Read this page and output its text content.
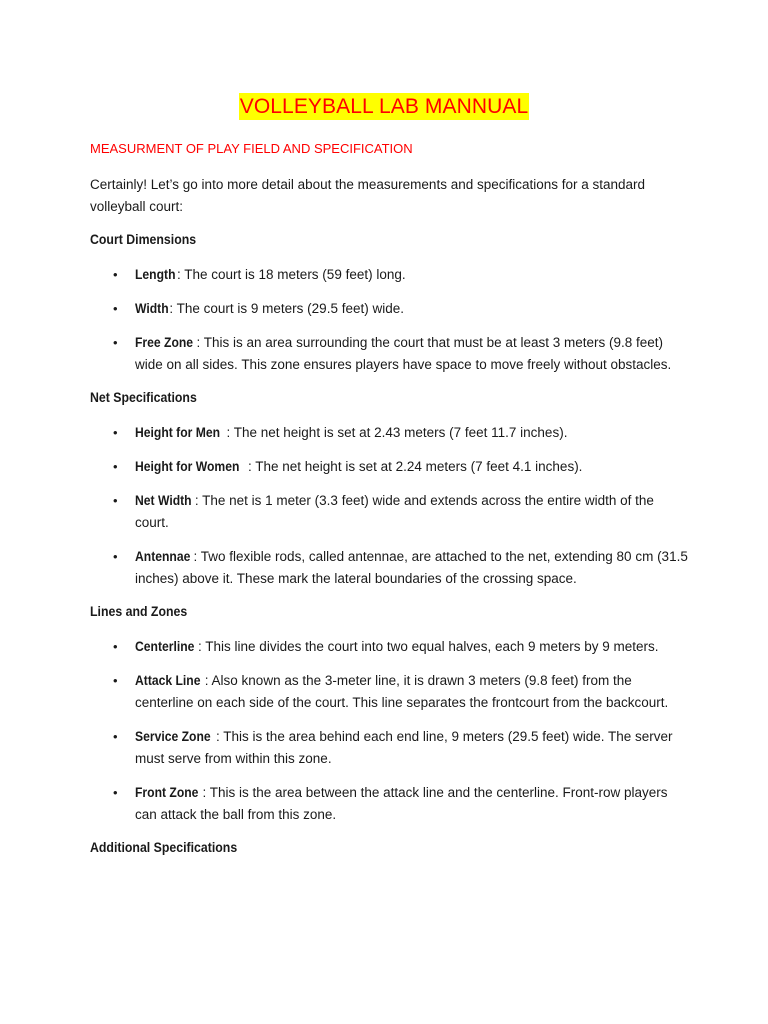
VOLLEYBALL LAB MANNUAL
MEASURMENT OF PLAY FIELD AND SPECIFICATION
Certainly! Let’s go into more detail about the measurements and specifications for a standard volleyball court:
Court Dimensions
• Length : The court is 18 meters (59 feet) long.
• Width: The court is 9 meters (29.5 feet) wide.
• Free Zone : This is an area surrounding the court that must be at least 3 meters (9.8 feet) wide on all sides. This zone ensures players have space to move freely without obstacles.
Net Specifications
• Height for Men : The net height is set at 2.43 meters (7 feet 11.7 inches).
• Height for Women : The net height is set at 2.24 meters (7 feet 4.1 inches).
• Net Width : The net is 1 meter (3.3 feet) wide and extends across the entire width of the court.
• Antennae : Two flexible rods, called antennae, are attached to the net, extending 80 cm (31.5 inches) above it. These mark the lateral boundaries of the crossing space.
Lines and Zones
• Centerline : This line divides the court into two equal halves, each 9 meters by 9 meters.
• Attack Line : Also known as the 3-meter line, it is drawn 3 meters (9.8 feet) from the centerline on each side of the court. This line separates the frontcourt from the backcourt.
• Service Zone : This is the area behind each end line, 9 meters (29.5 feet) wide. The server must serve from within this zone.
• Front Zone : This is the area between the attack line and the centerline. Front-row players can attack the ball from this zone.
Additional Specifications
